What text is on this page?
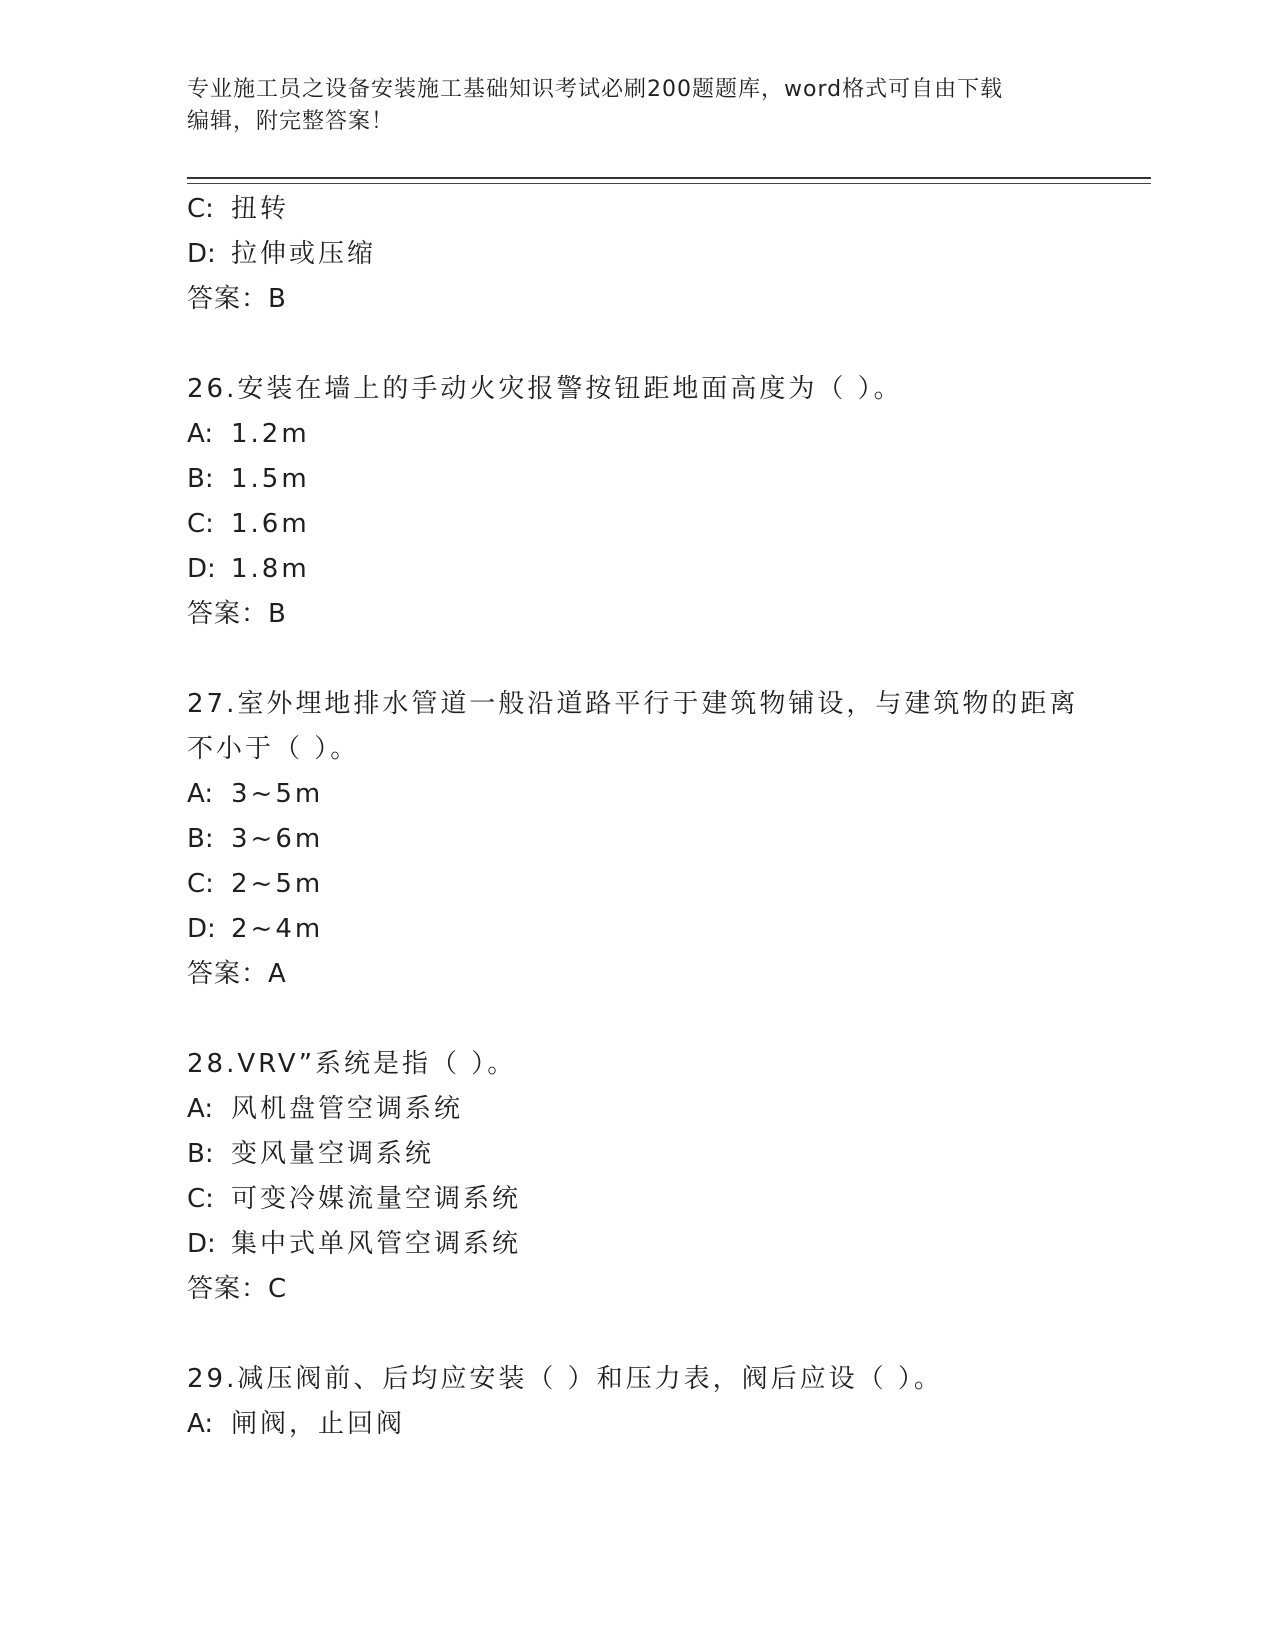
专业施工员之设备安装施工基础知识考试必刷200题题库，word格式可自由下载
编辑，附完整答案！
C: 扭转
D: 拉伸或压缩
答案：B
26.安装在墙上的手动火灾报警按钮距地面高度为（ ）。
A: 1.2m
B: 1.5m
C: 1.6m
D: 1.8m
答案：B
27.室外埋地排水管道一般沿道路平行于建筑物铺设，与建筑物的距离
不小于（ ）。
A: 3~5m
B: 3~6m
C: 2~5m
D: 2~4m
答案：A
28.VRV”系统是指（ ）。
A: 风机盘管空调系统
B: 变风量空调系统
C: 可变冷媒流量空调系统
D: 集中式单风管空调系统
答案：C
29.减压阀前、后均应安装（ ）和压力表，阀后应设（ ）。
A: 闸阀，止回阀
